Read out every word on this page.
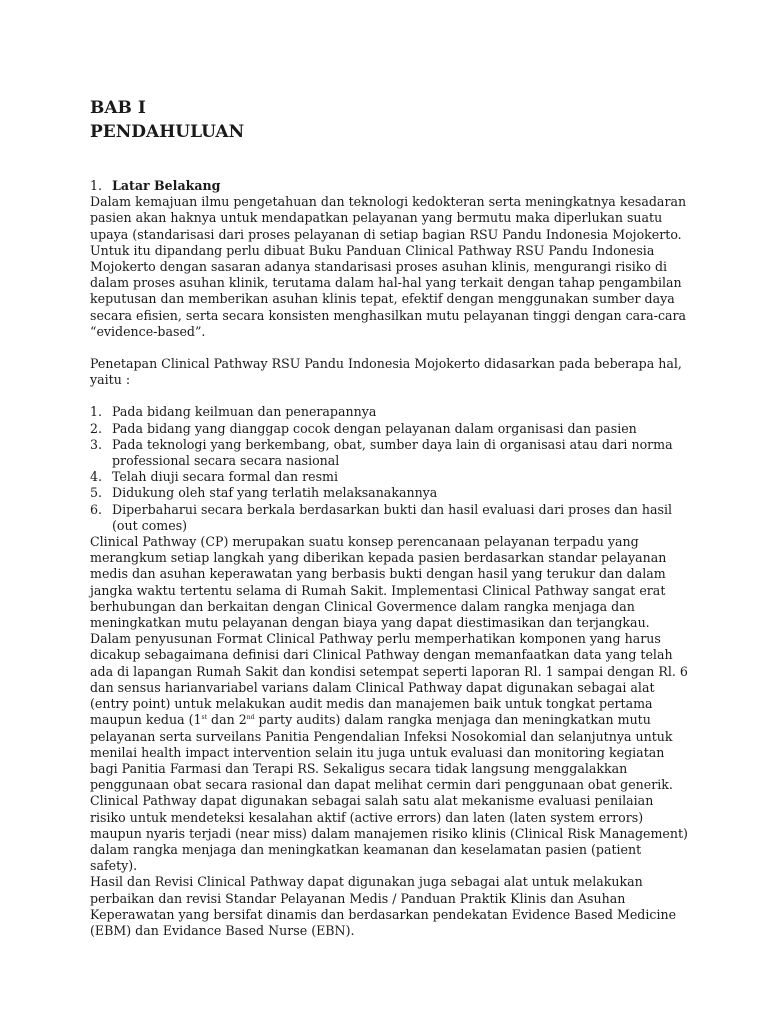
BAB I
PENDAHULUAN
1. Latar Belakang

Dalam kemajuan ilmu pengetahuan dan teknologi kedokteran serta meningkatnya kesadaran pasien akan haknya untuk mendapatkan pelayanan yang bermutu maka diperlukan suatu upaya (standarisasi dari proses pelayanan di setiap bagian RSU Pandu Indonesia Mojokerto. Untuk itu dipandang perlu dibuat Buku Panduan Clinical Pathway RSU Pandu Indonesia Mojokerto dengan sasaran adanya standarisasi proses asuhan klinis, mengurangi risiko di dalam proses asuhan klinik, terutama dalam hal-hal yang terkait dengan tahap pengambilan keputusan dan memberikan asuhan klinis tepat, efektif dengan menggunakan sumber daya secara efisien, serta secara konsisten menghasilkan mutu pelayanan tinggi dengan cara-cara “evidence-based”.

Penetapan Clinical Pathway RSU Pandu Indonesia Mojokerto didasarkan pada beberapa hal, yaitu :

1. Pada bidang keilmuan dan penerapannya
2. Pada bidang yang dianggap cocok dengan pelayanan dalam organisasi dan pasien
3. Pada teknologi yang berkembang, obat, sumber daya lain di organisasi atau dari norma professional secara secara nasional
4. Telah diuji secara formal dan resmi
5. Didukung oleh staf yang terlatih melaksanakannya
6. Diperbaharui secara berkala berdasarkan bukti dan hasil evaluasi dari proses dan hasil (out comes)

Clinical Pathway (CP) merupakan suatu konsep perencanaan pelayanan terpadu yang merangkum setiap langkah yang diberikan kepada pasien berdasarkan standar pelayanan medis dan asuhan keperawatan yang berbasis bukti dengan hasil yang terukur dan dalam jangka waktu tertentu selama di Rumah Sakit. Implementasi Clinical Pathway sangat erat berhubungan dan berkaitan dengan Clinical Govermence dalam rangka menjaga dan meningkatkan mutu pelayanan dengan biaya yang dapat diestimasikan dan terjangkau. Dalam penyusunan Format Clinical Pathway perlu memperhatikan komponen yang harus dicakup sebagaimana definisi dari Clinical Pathway dengan memanfaatkan data yang telah ada di lapangan Rumah Sakit dan kondisi setempat seperti laporan Rl. 1 sampai dengan Rl. 6 dan sensus harianvariabel varians dalam Clinical Pathway dapat digunakan sebagai alat (entry point) untuk melakukan audit medis dan manajemen baik untuk tongkat pertama maupun kedua (1st dan 2nd party audits) dalam rangka menjaga dan meningkatkan mutu pelayanan serta surveilans Panitia Pengendalian Infeksi Nosokomial dan selanjutnya untuk menilai health impact intervention selain itu juga untuk evaluasi dan monitoring kegiatan bagi Panitia Farmasi dan Terapi RS. Sekaligus secara tidak langsung menggalakkan penggunaan obat secara rasional dan dapat melihat cermin dari penggunaan obat generik. Clinical Pathway dapat digunakan sebagai salah satu alat mekanisme evaluasi penilaian risiko untuk mendeteksi kesalahan aktif (active errors) dan laten (laten system errors) maupun nyaris terjadi (near miss) dalam manajemen risiko klinis (Clinical Risk Management) dalam rangka menjaga dan meningkatkan keamanan dan keselamatan pasien (patient safety).

Hasil dan Revisi Clinical Pathway dapat digunakan juga sebagai alat untuk melakukan perbaikan dan revisi Standar Pelayanan Medis / Panduan Praktik Klinis dan Asuhan Keperawatan yang bersifat dinamis dan berdasarkan pendekatan Evidence Based Medicine (EBM) dan Evidance Based Nurse (EBN).
